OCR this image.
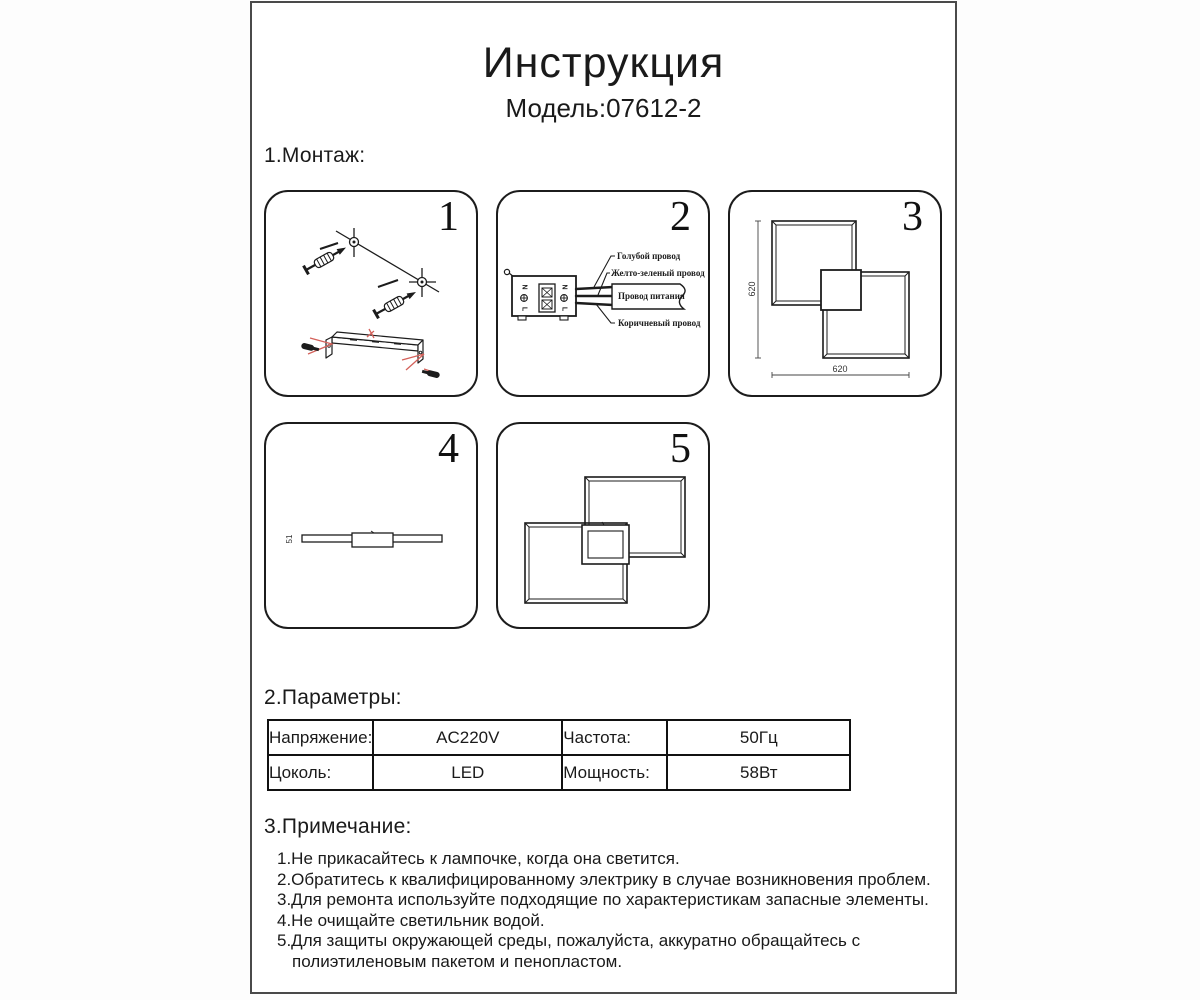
Инструкция
Модель:07612-2
1.Монтаж:
1
N
L
N
L
Голубой провод
Желто-зеленый провод
Провод питания
Коричневый провод
2
620
620
3
51
4	5
2.Параметры:
Напряжение:	AC220V	Частота:	50Гц
Цоколь:	LED	Мощность:	58Вт
3.Примечание:
1.Не прикасайтесь к лампочке, когда она светится.
2.Обратитесь к квалифицированному электрику в случае возникновения проблем.
3.Для ремонта используйте подходящие по характеристикам запасные элементы.
4.Не очищайте светильник водой.
5.Для защиты окружающей среды, пожалуйста, аккуратно обращайтесь с
полиэтиленовым пакетом и пенопластом.
